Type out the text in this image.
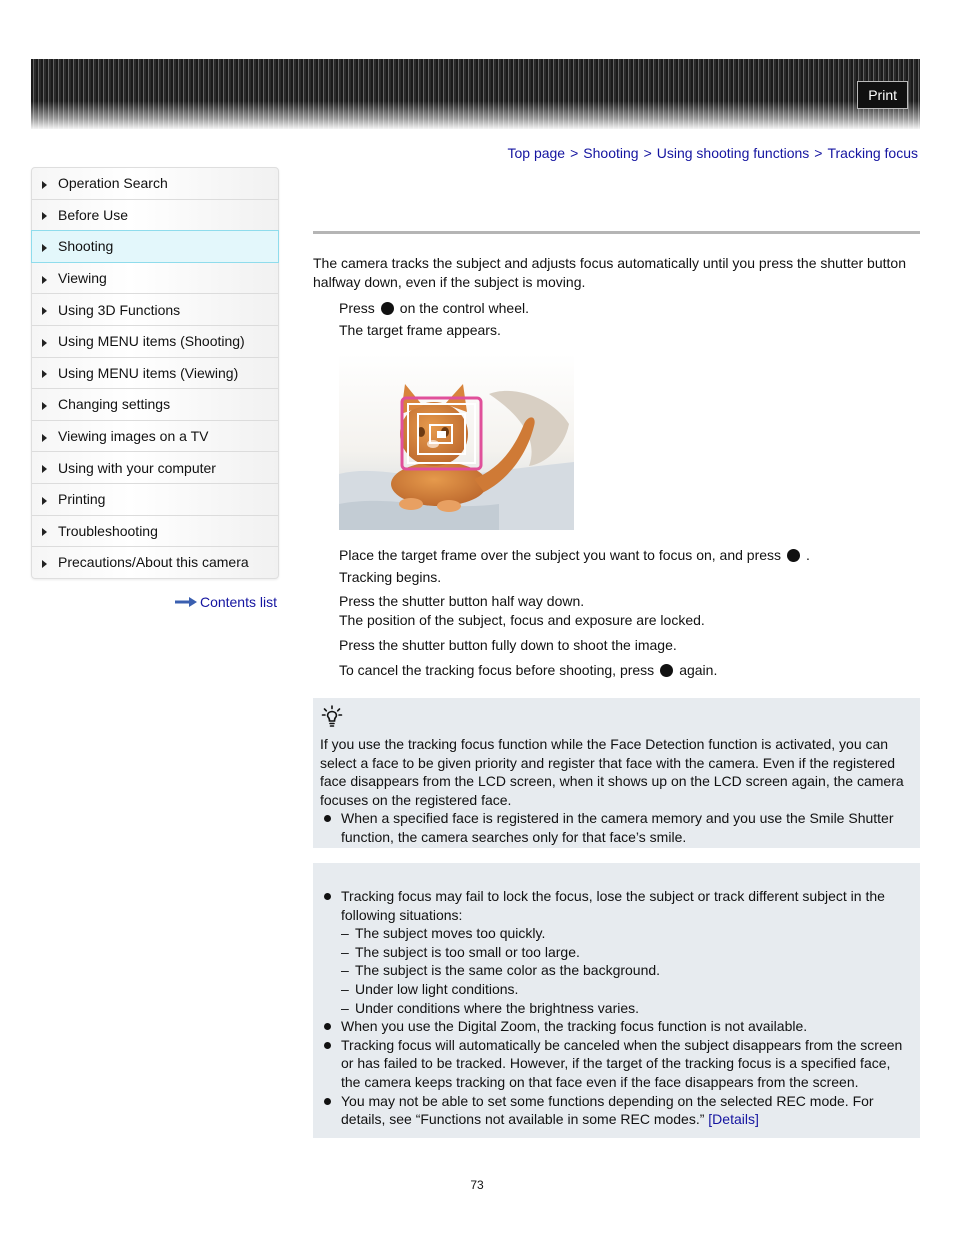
Print
Top page > Shooting > Using shooting functions > Tracking focus
Operation Search
Before Use
Shooting
Viewing
Using 3D Functions
Using MENU items (Shooting)
Using MENU items (Viewing)
Changing settings
Viewing images on a TV
Using with your computer
Printing
Troubleshooting
Precautions/About this camera
Contents list
The camera tracks the subject and adjusts focus automatically until you press the shutter button halfway down, even if the subject is moving.
Press on the control wheel.
The target frame appears.
Place the target frame over the subject you want to focus on, and press .
Tracking begins.
Press the shutter button half way down.
The position of the subject, focus and exposure are locked.
Press the shutter button fully down to shoot the image.
To cancel the tracking focus before shooting, press again.
If you use the tracking focus function while the Face Detection function is activated, you can select a face to be given priority and register that face with the camera. Even if the registered face disappears from the LCD screen, when it shows up on the LCD screen again, the camera focuses on the registered face.
When a specified face is registered in the camera memory and you use the Smile Shutter function, the camera searches only for that face’s smile.
Tracking focus may fail to lock the focus, lose the subject or track different subject in the following situations:
– The subject moves too quickly.
– The subject is too small or too large.
– The subject is the same color as the background.
– Under low light conditions.
– Under conditions where the brightness varies.
When you use the Digital Zoom, the tracking focus function is not available.
Tracking focus will automatically be canceled when the subject disappears from the screen or has failed to be tracked. However, if the target of the tracking focus is a specified face, the camera keeps tracking on that face even if the face disappears from the screen.
You may not be able to set some functions depending on the selected REC mode. For details, see “Functions not available in some REC modes.” [Details]
73
